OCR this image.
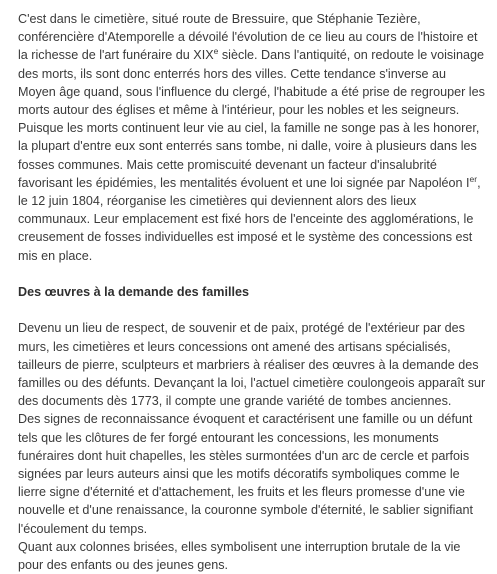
C'est dans le cimetière, situé route de Bressuire, que Stéphanie Tezière, conférencière d'Atemporelle a dévoilé l'évolution de ce lieu au cours de l'histoire et la richesse de l'art funéraire du XIXe siècle. Dans l'antiquité, on redoute le voisinage des morts, ils sont donc enterrés hors des villes. Cette tendance s'inverse au Moyen âge quand, sous l'influence du clergé, l'habitude a été prise de regrouper les morts autour des églises et même à l'intérieur, pour les nobles et les seigneurs.

Puisque les morts continuent leur vie au ciel, la famille ne songe pas à les honorer, la plupart d'entre eux sont enterrés sans tombe, ni dalle, voire à plusieurs dans les fosses communes. Mais cette promiscuité devenant un facteur d'insalubrité favorisant les épidémies, les mentalités évoluent et une loi signée par Napoléon Ier, le 12 juin 1804, réorganise les cimetières qui deviennent alors des lieux communaux. Leur emplacement est fixé hors de l'enceinte des agglomérations, le creusement de fosses individuelles est imposé et le système des concessions est mis en place.

Des œuvres à la demande des familles

Devenu un lieu de respect, de souvenir et de paix, protégé de l'extérieur par des murs, les cimetières et leurs concessions ont amené des artisans spécialisés, tailleurs de pierre, sculpteurs et marbriers à réaliser des œuvres à la demande des familles ou des défunts. Devançant la loi, l'actuel cimetière coulongeois apparaît sur des documents dès 1773, il compte une grande variété de tombes anciennes.

Des signes de reconnaissance évoquent et caractérisent une famille ou un défunt tels que les clôtures de fer forgé entourant les concessions, les monuments funéraires dont huit chapelles, les stèles surmontées d'un arc de cercle et parfois signées par leurs auteurs ainsi que les motifs décoratifs symboliques comme le lierre signe d'éternité et d'attachement, les fruits et les fleurs promesse d'une vie nouvelle et d'une renaissance, la couronne symbole d'éternité, le sablier signifiant l'écoulement du temps.

Quant aux colonnes brisées, elles symbolisent une interruption brutale de la vie pour des enfants ou des jeunes gens.
